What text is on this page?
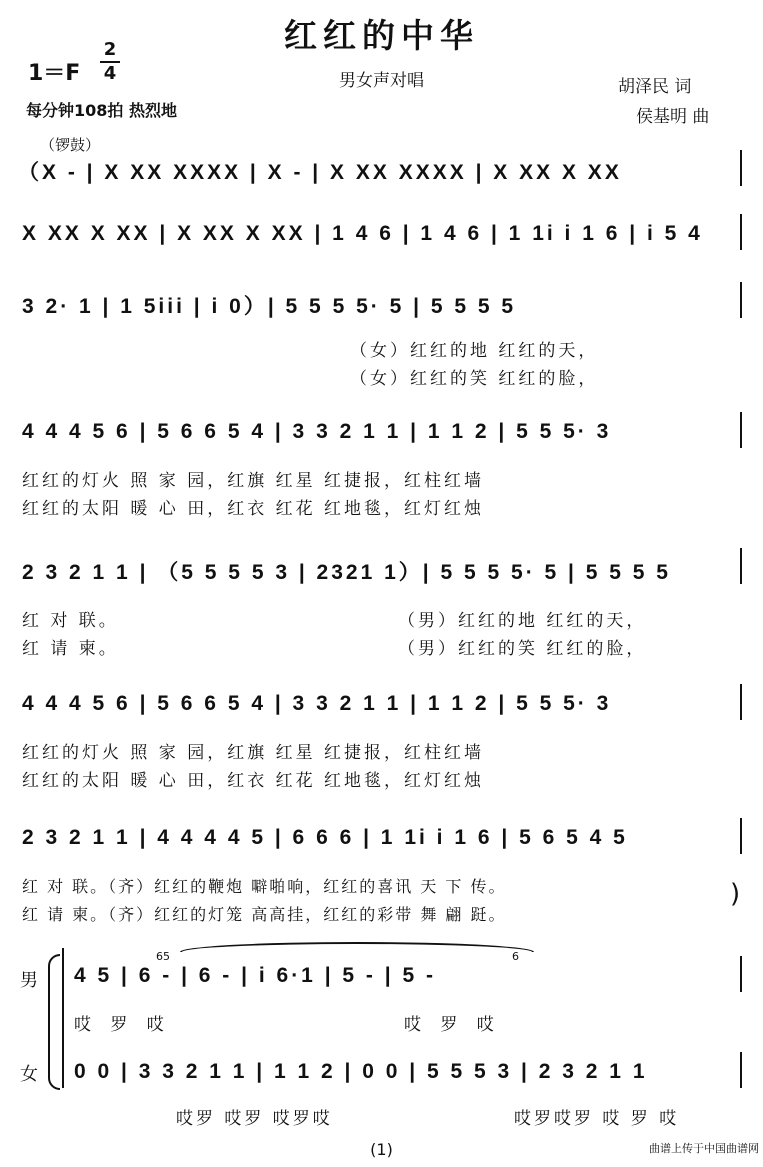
红红的中华
男女声对唱
1＝F
2
4
每分钟108拍 热烈地
胡泽民 词
侯基明 曲
（锣鼓）
（X - | X XX XXXX | X - | X XX XXXX | X XX X XX
X XX X XX | X XX X XX | 1 4 6 | 1 4 6 | 1 1i i 1 6 | i 5 4
3 2· 1 | 1 5iii | i 0）| 5 5 5 5· 5 | 5 5 5 5
（女）红红的地 红红的天，
（女）红红的笑 红红的脸，
4 4 4 5 6 | 5 6 6 5 4 | 3 3 2 1 1 | 1 1 2 | 5 5 5· 3
红红的灯火 照 家 园，红旗 红星 红捷报，红柱红墙
红红的太阳 暖 心 田，红衣 红花 红地毯，红灯红烛
2 3 2 1 1 | （5 5 5 5 3 | 2321 1）| 5 5 5 5· 5 | 5 5 5 5
红 对 联。
红 请 柬。
（男）红红的地 红红的天，
（男）红红的笑 红红的脸，
4 4 4 5 6 | 5 6 6 5 4 | 3 3 2 1 1 | 1 1 2 | 5 5 5· 3
红红的灯火 照 家 园，红旗 红星 红捷报，红柱红墙
红红的太阳 暖 心 田，红衣 红花 红地毯，红灯红烛
2 3 2 1 1 | 4 4 4 4 5 | 6 6 6 | 1 1i i 1 6 | 5 6 5 4 5
红 对 联。（齐）红红的鞭炮 噼啪响，红红的喜讯 天 下 传。
红 请 柬。（齐）红红的灯笼 高高挂，红红的彩带 舞 翩 跹。
)
男
女
65	6
4 5 | 6 - | 6 - | i 6·1 | 5 - | 5 -
哎 罗 哎	哎 罗 哎
0 0 | 3 3 2 1 1 | 1 1 2 | 0 0 | 5 5 5 3 | 2 3 2 1 1
哎罗 哎罗 哎罗哎	哎罗哎罗 哎 罗 哎
(1)	曲谱上传于中国曲谱网
